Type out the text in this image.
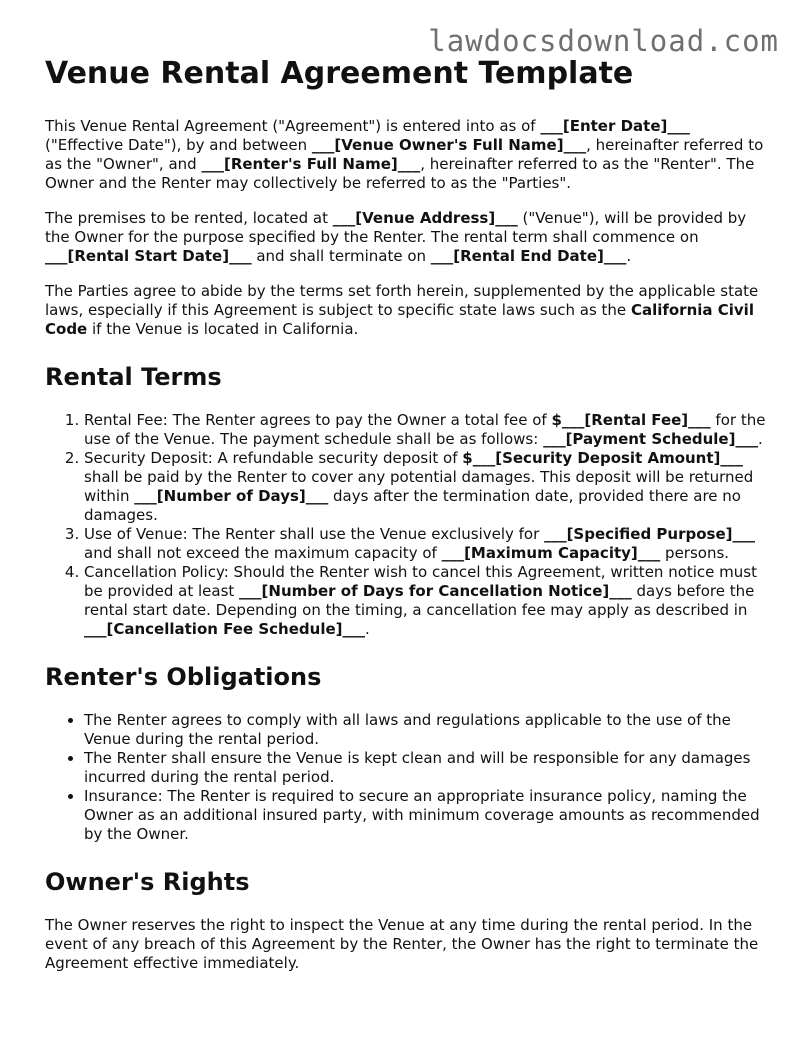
lawdocsdownload.com
Venue Rental Agreement Template

This Venue Rental Agreement ("Agreement") is entered into as of ___[Enter Date]___ ("Effective Date"), by and between ___[Venue Owner's Full Name]___, hereinafter referred to as the "Owner", and ___[Renter's Full Name]___, hereinafter referred to as the "Renter". The Owner and the Renter may collectively be referred to as the "Parties".

The premises to be rented, located at ___[Venue Address]___ ("Venue"), will be provided by the Owner for the purpose specified by the Renter. The rental term shall commence on ___[Rental Start Date]___ and shall terminate on ___[Rental End Date]___.

The Parties agree to abide by the terms set forth herein, supplemented by the applicable state laws, especially if this Agreement is subject to specific state laws such as the California Civil Code if the Venue is located in California.

Rental Terms
1. Rental Fee: The Renter agrees to pay the Owner a total fee of $___[Rental Fee]___ for the use of the Venue. The payment schedule shall be as follows: ___[Payment Schedule]___.
2. Security Deposit: A refundable security deposit of $___[Security Deposit Amount]___ shall be paid by the Renter to cover any potential damages. This deposit will be returned within ___[Number of Days]___ days after the termination date, provided there are no damages.
3. Use of Venue: The Renter shall use the Venue exclusively for ___[Specified Purpose]___ and shall not exceed the maximum capacity of ___[Maximum Capacity]___ persons.
4. Cancellation Policy: Should the Renter wish to cancel this Agreement, written notice must be provided at least ___[Number of Days for Cancellation Notice]___ days before the rental start date. Depending on the timing, a cancellation fee may apply as described in ___[Cancellation Fee Schedule]___.
Renter's Obligations
• The Renter agrees to comply with all laws and regulations applicable to the use of the Venue during the rental period.
• The Renter shall ensure the Venue is kept clean and will be responsible for any damages incurred during the rental period.
• Insurance: The Renter is required to secure an appropriate insurance policy, naming the Owner as an additional insured party, with minimum coverage amounts as recommended by the Owner.
Owner's Rights

The Owner reserves the right to inspect the Venue at any time during the rental period. In the event of any breach of this Agreement by the Renter, the Owner has the right to terminate the Agreement effective immediately.
